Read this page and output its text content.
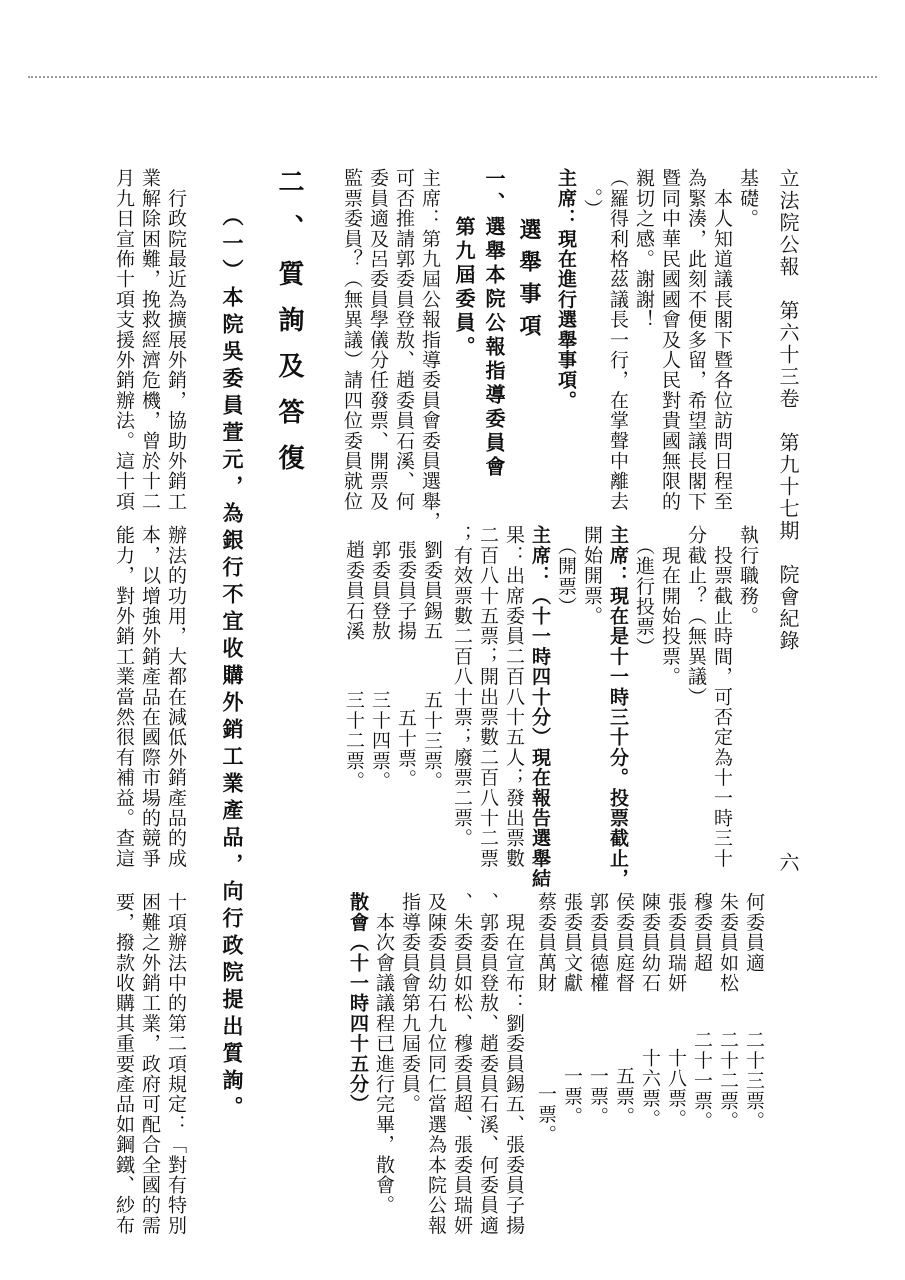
立法院公報　第六十三卷　第九十七期　院會紀錄
六
基礎。
　本人知道議長閣下暨各位訪問日程至
為緊湊，此刻不便多留，希望議長閣下
暨同中華民國國會及人民對貴國無限的
親切之感。謝謝！
（羅得利格茲議長一行，在掌聲中離去
。）
主席：現在進行選舉事項。
選舉事項
一、選舉本院公報指導委員會
　　第九屆委員。
主席：第九屆公報指導委員會委員選舉，
可否推請郭委員登敖、趙委員石溪、何
委員適及呂委員學儀分任發票、開票及
監票委員？（無異議）請四位委員就位
二、質詢及答復
（一）本院吳委員萱元，為銀行不宜收購外銷工業產品，向行政院提出質詢。
　行政院最近為擴展外銷，協助外銷工
業解除困難，挽救經濟危機，曾於十二
月九日宣佈十項支援外銷辦法。這十項
執行職務。
　投票截止時間，可否定為十一時三十
分截止？（無異議）
　現在開始投票。
　（進行投票）
主席：現在是十一時三十分。投票截止，
開始開票。
　（開票）
主席：（十一時四十分）現在報告選舉結
果：出席委員二百八十五人；發出票數
二百八十五票；開出票數二百八十二票
；有效票數二百八十票；廢票二票。
劉委員錫五
五十三票。
張委員子揚
五十票。
郭委員登敖
三十四票。
趙委員石溪
三十二票。
辦法的功用，大都在減低外銷產品的成
本，以增強外銷產品在國際市場的競爭
能力，對外銷工業當然很有補益。查這
何委員適
二十三票。
朱委員如松
二十二票。
穆委員超
二十一票。
張委員瑞妍
十八票。
陳委員幼石
十六票。
侯委員庭督
五票。
郭委員德權
一票。
張委員文獻
一票。
蔡委員萬財
一票。
　現在宣布：劉委員錫五、張委員子揚
、郭委員登敖、趙委員石溪、何委員適
、朱委員如松、穆委員超、張委員瑞妍
及陳委員幼石九位同仁當選為本院公報
指導委員會第九屆委員。
　本次會議議程已進行完畢，散會。
散會（十一時四十五分）
十項辦法中的第二項規定：「對有特別
困難之外銷工業，政府可配合全國的需
要，撥款收購其重要產品如鋼鐵、紗布
